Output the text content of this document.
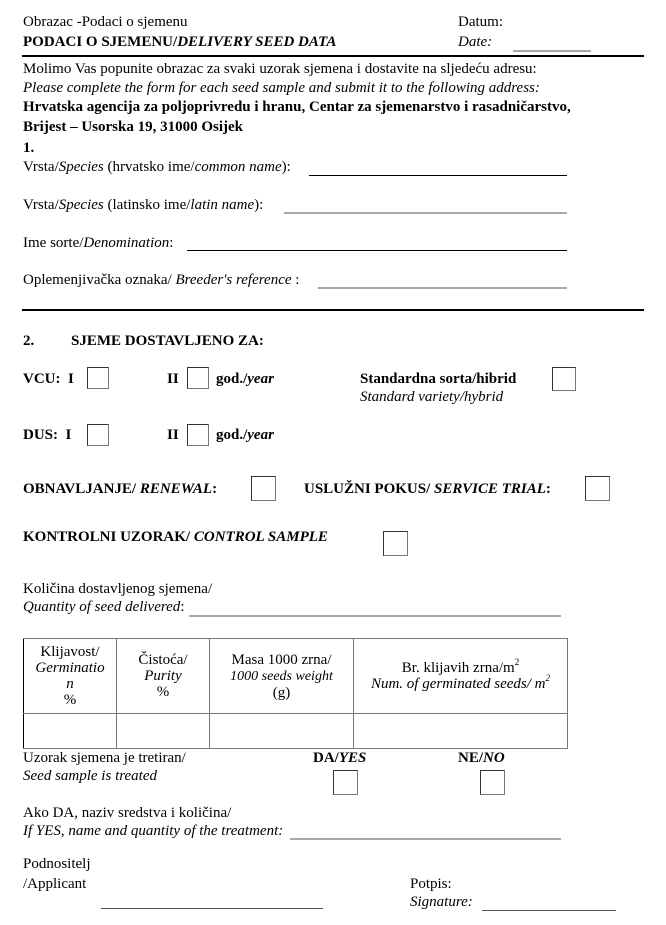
Obrazac -Podaci o sjemenu
PODACI O SJEMENU/DELIVERY SEED DATA
Datum:
Date:
Molimo Vas popunite obrazac za svaki uzorak sjemena i dostavite na sljedeću adresu:
Please complete the form for each seed sample and submit it to the following address:
Hrvatska agencija za poljoprivredu i hranu, Centar za sjemenarstvo i rasadničarstvo,
Brijest – Usorska 19, 31000 Osijek
1.
Vrsta/Species (hrvatsko ime/common name):
Vrsta/Species (latinsko ime/latin name):
Ime sorte/Denomination:
Oplemenjivačka oznaka/ Breeder's reference :
2. SJEME DOSTAVLJENO ZA:
VCU: I	II god./year	Standardna sorta/hibrid
Standard variety/hybrid
DUS: I	II god./year
OBNAVLJANJE/ RENEWAL:	USLUŽNI POKUS/ SERVICE TRIAL:
KONTROLNI UZORAK/ CONTROL SAMPLE
Količina dostavljenog sjemena/
Quantity of seed delivered:
Klijavost/
Germinatio
n
%	Čistoća/
Purity
%	Masa 1000 zrna/
1000 seeds weight
(g)	Br. klijavih zrna/$m^2$
Num. of germinated seeds/ $m^2$

Uzorak sjemena je tretiran/
Seed sample is treated
DA/YES	NE/NO
Ako DA, naziv sredstva i količina/
If YES, name and quantity of the treatment:
Podnositelj
/Applicant	Potpis:
Signature:
